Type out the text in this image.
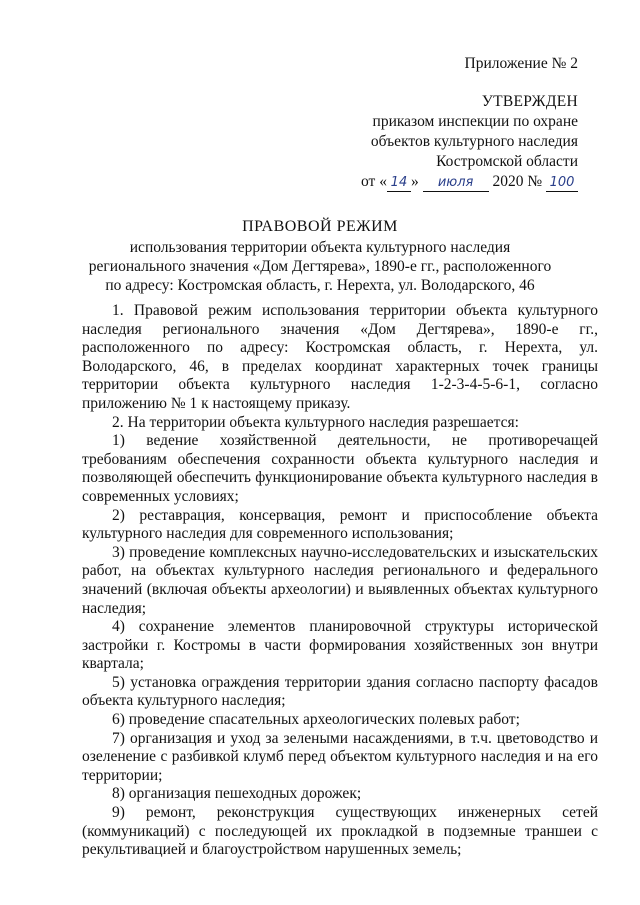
Приложение № 2
УТВЕРЖДЕН
приказом инспекции по охране
объектов культурного наследия
Костромской области
от « 14 » июля 2020 № 100
ПРАВОВОЙ РЕЖИМ
использования территории объекта культурного наследия
регионального значения «Дом Дегтярева», 1890-е гг., расположенного
по адресу: Костромская область, г. Нерехта, ул. Володарского, 46

1. Правовой режим использования территории объекта культурного наследия регионального значения «Дом Дегтярева», 1890-е гг., расположенного по адресу: Костромская область, г. Нерехта, ул. Володарского, 46, в пределах координат характерных точек границы территории объекта культурного наследия 1-2-3-4-5-6-1, согласно приложению № 1 к настоящему приказу.

2. На территории объекта культурного наследия разрешается:

1) ведение хозяйственной деятельности, не противоречащей требованиям обеспечения сохранности объекта культурного наследия и позволяющей обеспечить функционирование объекта культурного наследия в современных условиях;

2) реставрация, консервация, ремонт и приспособление объекта культурного наследия для современного использования;

3) проведение комплексных научно-исследовательских и изыскательских работ, на объектах культурного наследия регионального и федерального значений (включая объекты археологии) и выявленных объектах культурного наследия;

4) сохранение элементов планировочной структуры исторической застройки г. Костромы в части формирования хозяйственных зон внутри квартала;

5) установка ограждения территории здания согласно паспорту фасадов объекта культурного наследия;

6) проведение спасательных археологических полевых работ;

7) организация и уход за зелеными насаждениями, в т.ч. цветоводство и озеленение с разбивкой клумб перед объектом культурного наследия и на его территории;

8) организация пешеходных дорожек;

9) ремонт, реконструкция существующих инженерных сетей (коммуникаций) с последующей их прокладкой в подземные траншеи с рекультивацией и благоустройством нарушенных земель;
